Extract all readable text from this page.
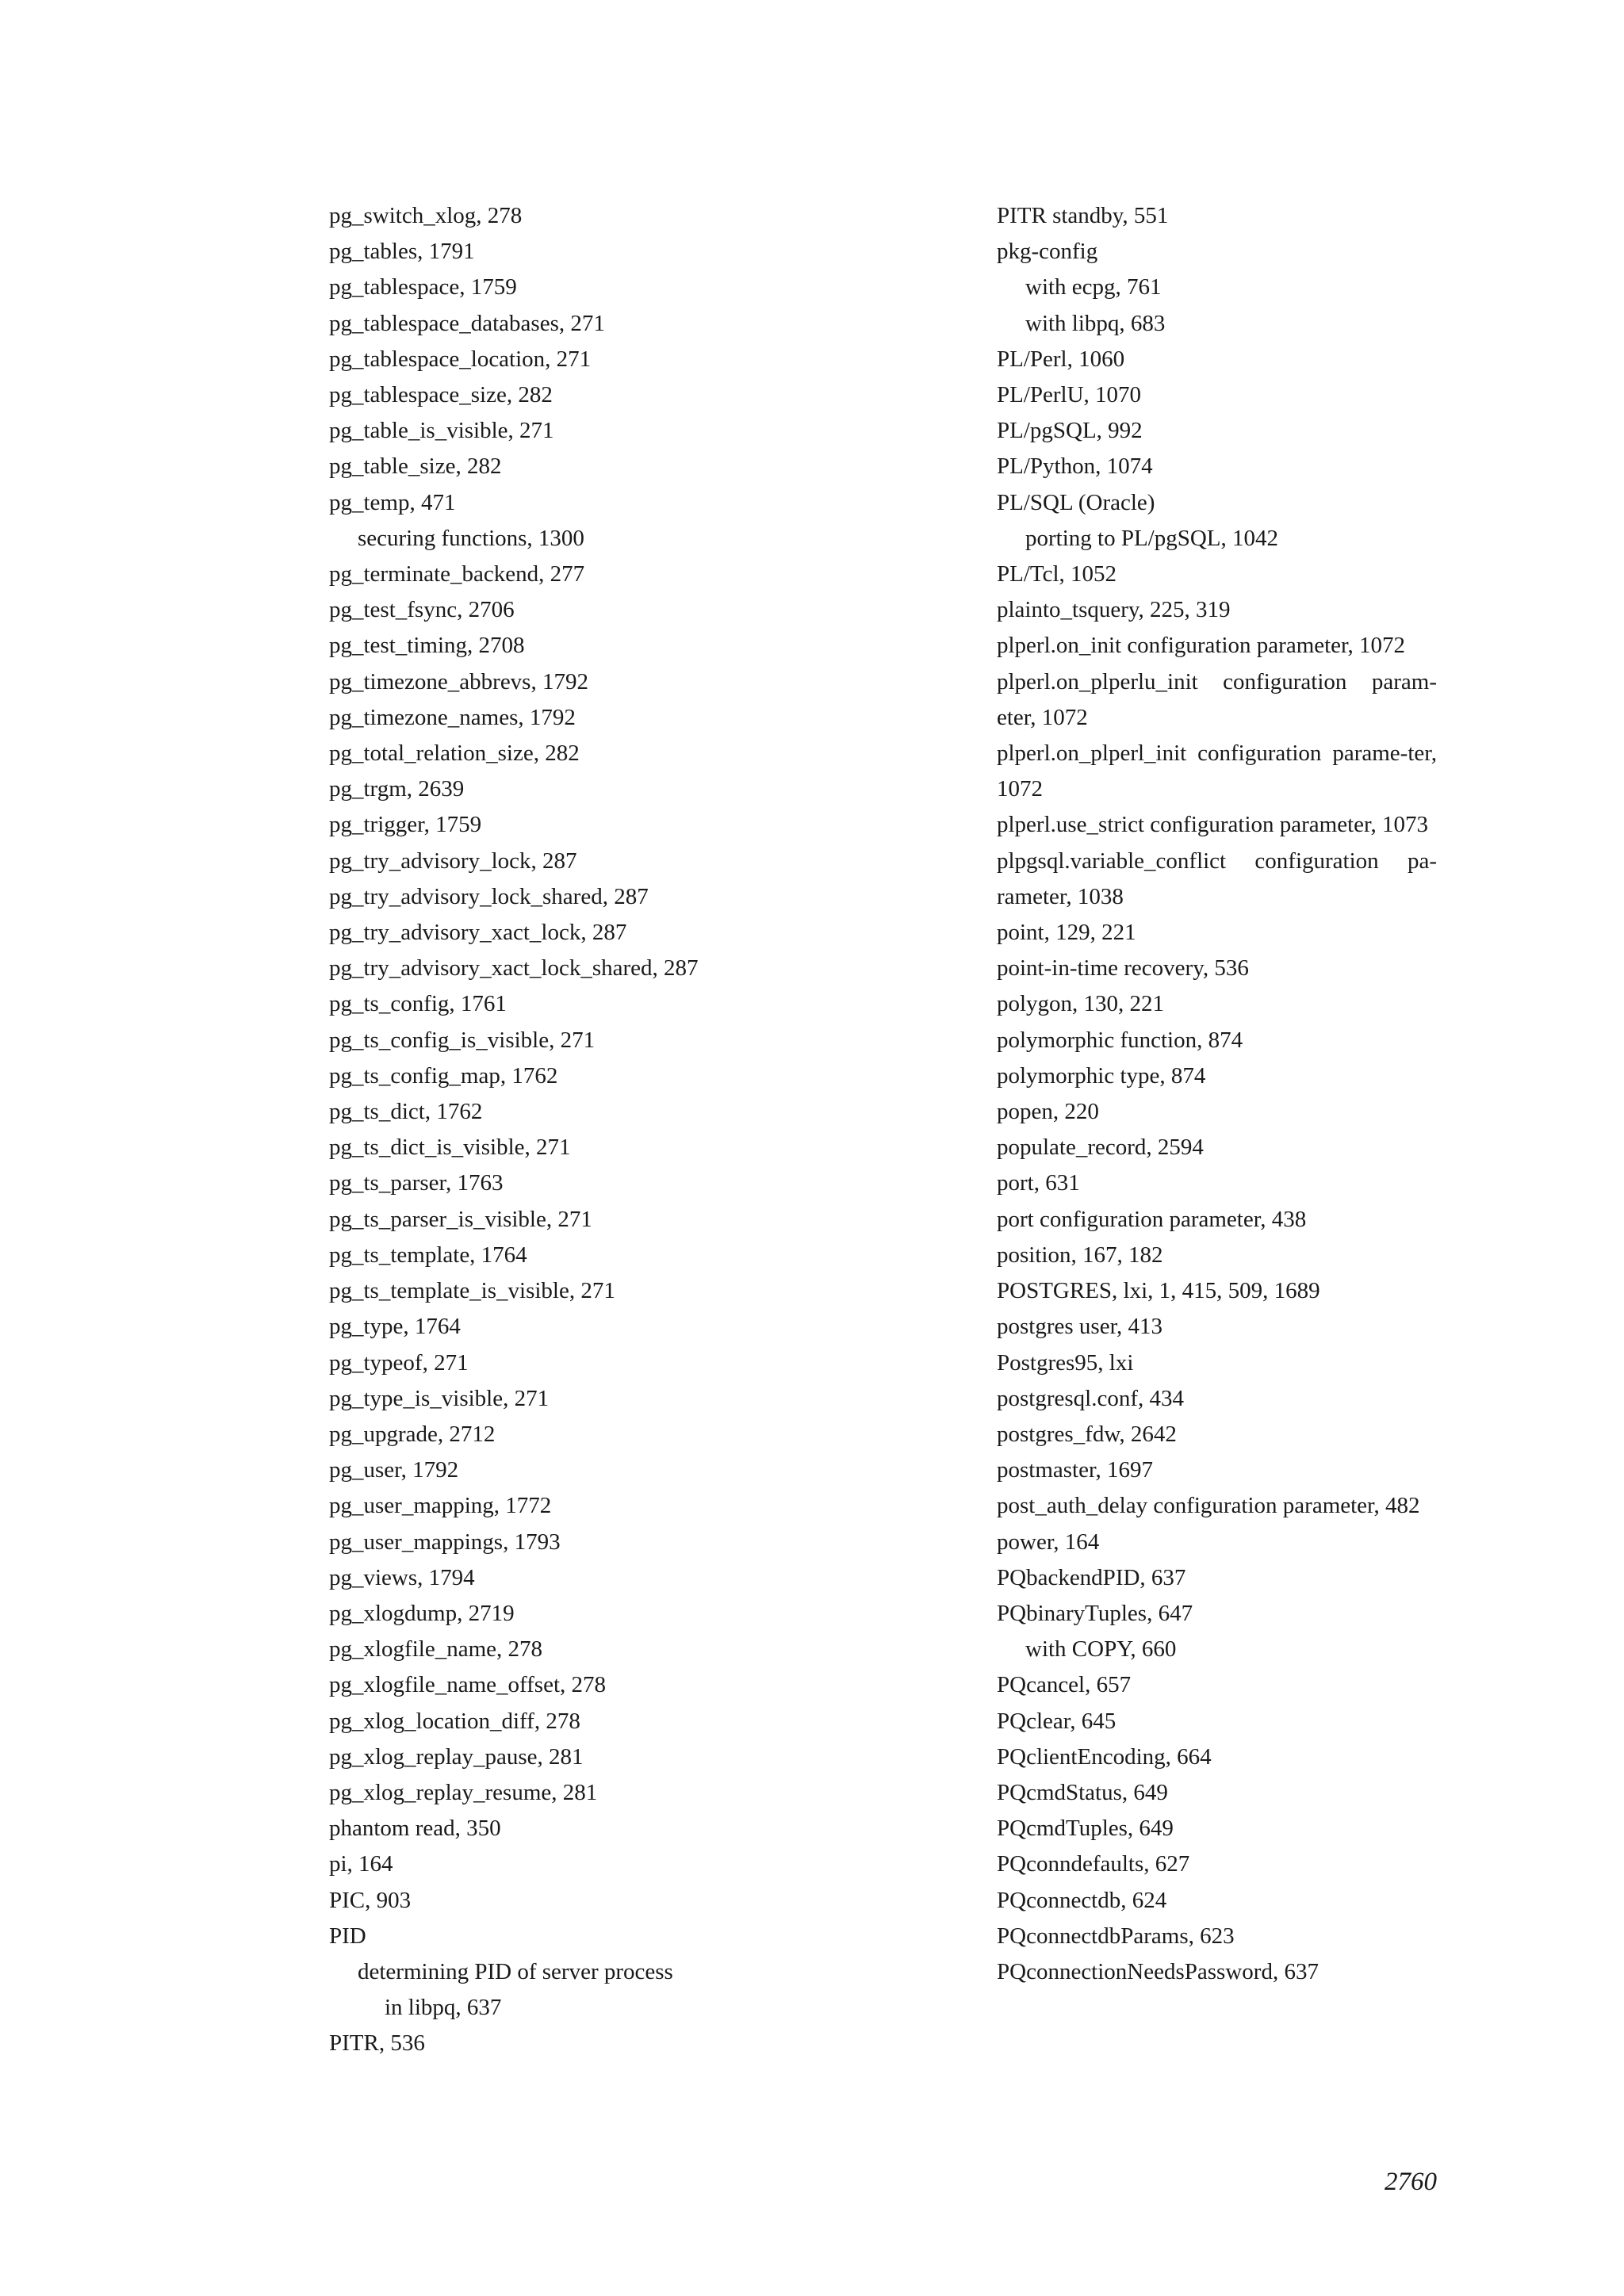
pg_switch_xlog, 278

pg_tables, 1791

pg_tablespace, 1759

pg_tablespace_databases, 271

pg_tablespace_location, 271

pg_tablespace_size, 282

pg_table_is_visible, 271

pg_table_size, 282

pg_temp, 471

securing functions, 1300

pg_terminate_backend, 277

pg_test_fsync, 2706

pg_test_timing, 2708

pg_timezone_abbrevs, 1792

pg_timezone_names, 1792

pg_total_relation_size, 282

pg_trgm, 2639

pg_trigger, 1759

pg_try_advisory_lock, 287

pg_try_advisory_lock_shared, 287

pg_try_advisory_xact_lock, 287

pg_try_advisory_xact_lock_shared, 287

pg_ts_config, 1761

pg_ts_config_is_visible, 271

pg_ts_config_map, 1762

pg_ts_dict, 1762

pg_ts_dict_is_visible, 271

pg_ts_parser, 1763

pg_ts_parser_is_visible, 271

pg_ts_template, 1764

pg_ts_template_is_visible, 271

pg_type, 1764

pg_typeof, 271

pg_type_is_visible, 271

pg_upgrade, 2712

pg_user, 1792

pg_user_mapping, 1772

pg_user_mappings, 1793

pg_views, 1794

pg_xlogdump, 2719

pg_xlogfile_name, 278

pg_xlogfile_name_offset, 278

pg_xlog_location_diff, 278

pg_xlog_replay_pause, 281

pg_xlog_replay_resume, 281

phantom read, 350

pi, 164

PIC, 903

PID

determining PID of server process

in libpq, 637

PITR, 536

PITR standby, 551

pkg-config

with ecpg, 761

with libpq, 683

PL/Perl, 1060

PL/PerlU, 1070

PL/pgSQL, 992

PL/Python, 1074

PL/SQL (Oracle)

porting to PL/pgSQL, 1042

PL/Tcl, 1052

plainto_tsquery, 225, 319

plperl.on_init configuration parameter, 1072

plperl.on_plperlu_init configuration param-eter, 1072

plperl.on_plperl_init configuration parame-ter, 1072

plperl.use_strict configuration parameter, 1073

plpgsql.variable_conflict configuration pa-rameter, 1038

point, 129, 221

point-in-time recovery, 536

polygon, 130, 221

polymorphic function, 874

polymorphic type, 874

popen, 220

populate_record, 2594

port, 631

port configuration parameter, 438

position, 167, 182

POSTGRES, lxi, 1, 415, 509, 1689

postgres user, 413

Postgres95, lxi

postgresql.conf, 434

postgres_fdw, 2642

postmaster, 1697

post_auth_delay configuration parameter, 482

power, 164

PQbackendPID, 637

PQbinaryTuples, 647

with COPY, 660

PQcancel, 657

PQclear, 645

PQclientEncoding, 664

PQcmdStatus, 649

PQcmdTuples, 649

PQconndefaults, 627

PQconnectdb, 624

PQconnectdbParams, 623

PQconnectionNeedsPassword, 637

2760
